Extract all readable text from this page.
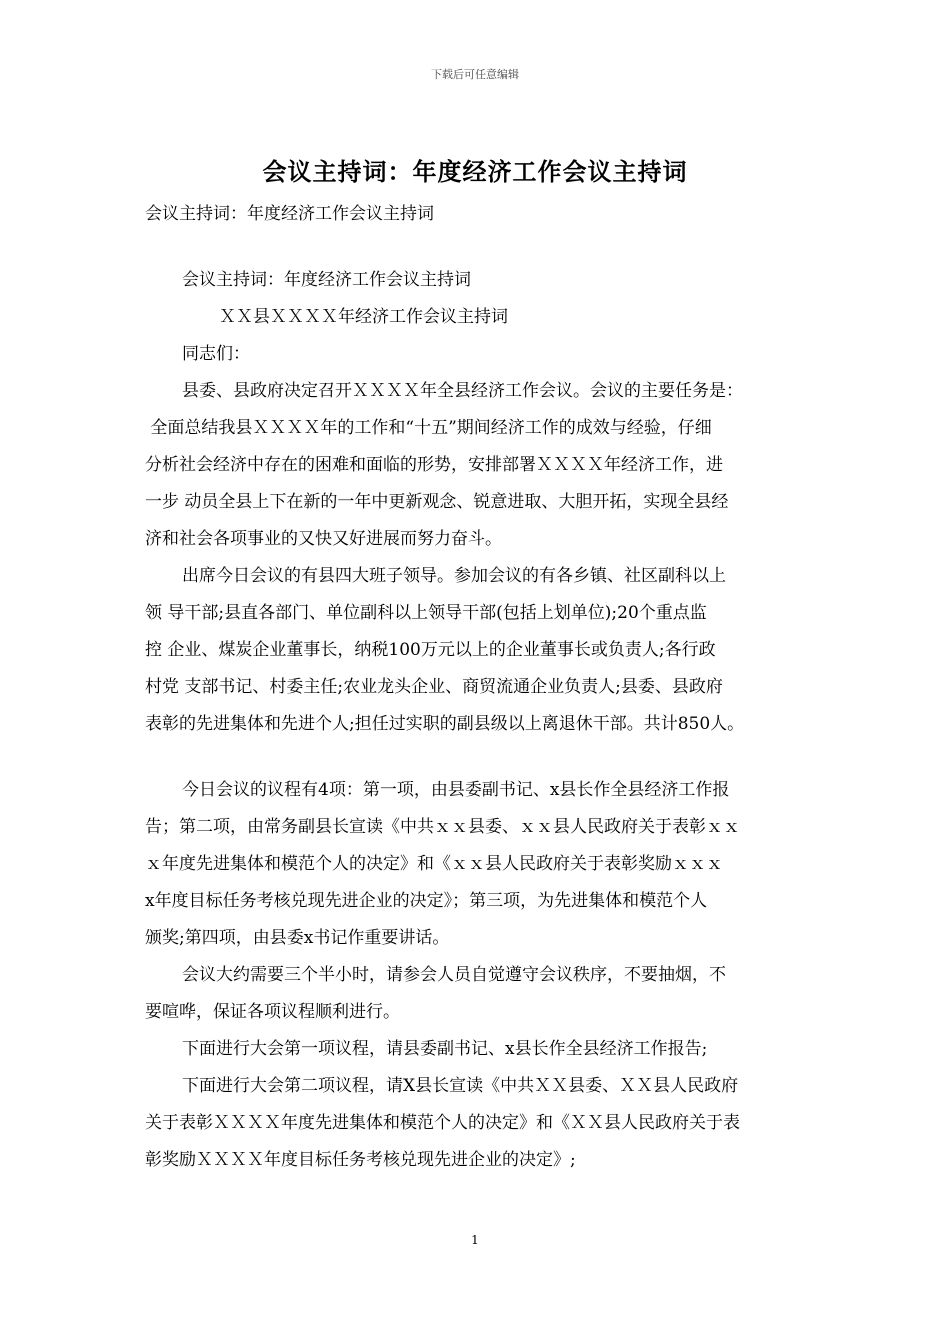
下载后可任意编辑
会议主持词：年度经济工作会议主持词
会议主持词：年度经济工作会议主持词
会议主持词：年度经济工作会议主持词
ＸＸ县ＸＸＸＸ年经济工作会议主持词
同志们：
县委、县政府决定召开ＸＸＸＸ年全县经济工作会议。会议的主要任务是：
全面总结我县ＸＸＸＸ年的工作和“十五”期间经济工作的成效与经验，仔细
分析社会经济中存在的困难和面临的形势，安排部署ＸＸＸＸ年经济工作，进
一步 动员全县上下在新的一年中更新观念、锐意进取、大胆开拓，实现全县经
济和社会各项事业的又快又好进展而努力奋斗。
出席今日会议的有县四大班子领导。参加会议的有各乡镇、社区副科以上
领 导干部;县直各部门、单位副科以上领导干部(包括上划单位);20个重点监
控 企业、煤炭企业董事长，纳税100万元以上的企业董事长或负责人;各行政
村党 支部书记、村委主任;农业龙头企业、商贸流通企业负责人;县委、县政府
表彰的先进集体和先进个人;担任过实职的副县级以上离退休干部。共计850人。
今日会议的议程有4项：第一项，由县委副书记、x县长作全县经济工作报
告；第二项，由常务副县长宣读《中共ｘｘ县委、ｘｘ县人民政府关于表彰ｘｘ
ｘ年度先进集体和模范个人的决定》和《ｘｘ县人民政府关于表彰奖励ｘｘｘ
x年度目标任务考核兑现先进企业的决定》；第三项，为先进集体和模范个人
颁奖;第四项，由县委x书记作重要讲话。
会议大约需要三个半小时，请参会人员自觉遵守会议秩序，不要抽烟，不
要喧哗，保证各项议程顺利进行。
下面进行大会第一项议程，请县委副书记、x县长作全县经济工作报告;
下面进行大会第二项议程，请X县长宣读《中共ＸＸ县委、ＸＸ县人民政府
关于表彰ＸＸＸＸ年度先进集体和模范个人的决定》和《ＸＸ县人民政府关于表
彰奖励ＸＸＸＸ年度目标任务考核兑现先进企业的决定》;
1
